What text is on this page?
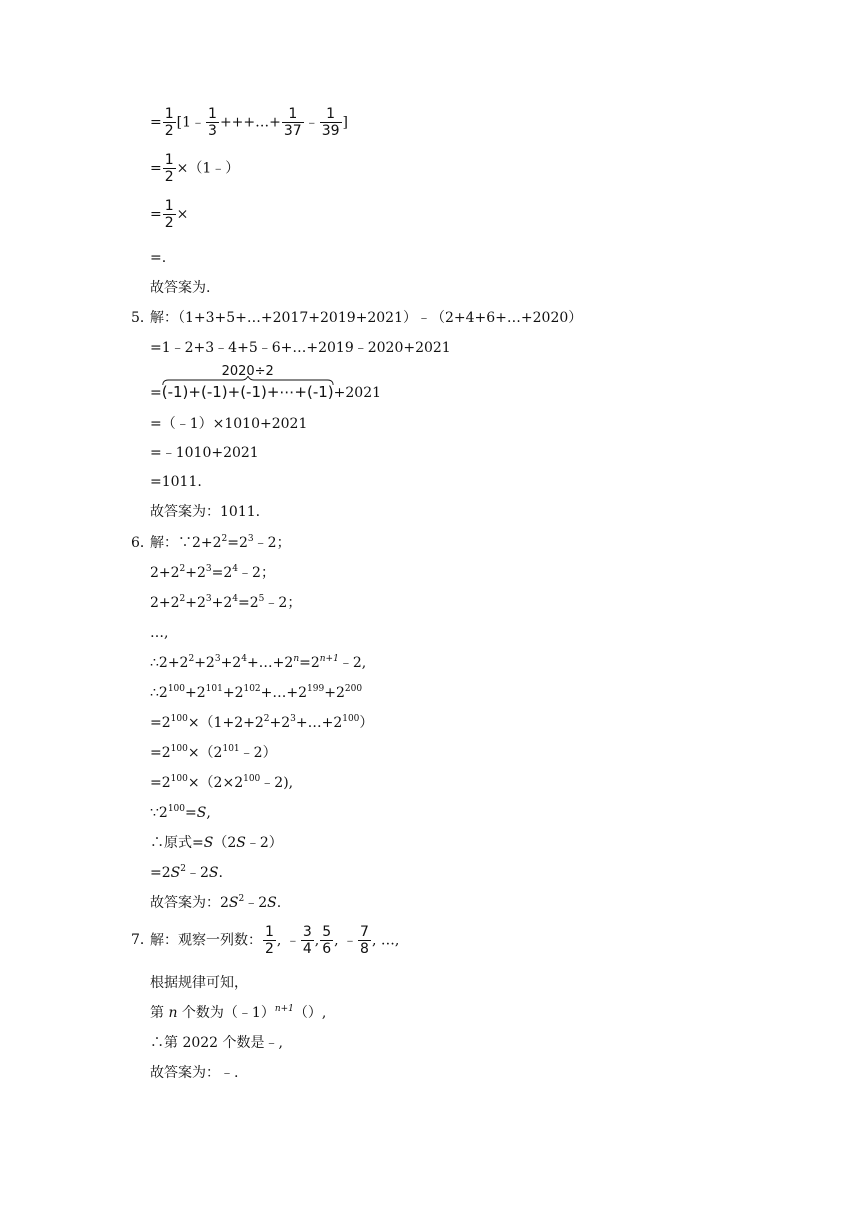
= $\frac{1}{2}$ [1﹣ $\frac{1}{3}$ +++…+ $\frac{1}{37}$ ﹣ $\frac{1}{39}$ ]
= $\frac{1}{2}$ ×（1﹣）
= $\frac{1}{2}$ ×
=.
故答案为.
5．
解：（1+3+5+…+2017+2019+2021）﹣（2+4+6+…+2020）
=1﹣2+3﹣4+5﹣6+…+2019﹣2020+2021
=
2020÷2
(-1)+(-1)+(-1)+⋯+(-1)+2021
=（﹣1）×1010+2021
=﹣1010+2021
=1011.
故答案为：1011.
6．
解：$\because 2+2^2=2^3﹣2$；
$2+2^2+2^3=2^4﹣2$；
$2+2^2+2^3+2^4=2^5﹣2$；
…,
$\therefore 2+2^2+2^3+2^4+\dots+2^n=2^{n+1}﹣2$,
$\therefore 2^{100}+2^{101}+2^{102}+\dots+2^{199}+2^{200}$
$=2^{100}\times(1+2+2^2+2^3+\dots+2^{100})$
$=2^{100}\times(2^{101}﹣2)$
$=2^{100}\times(2\times 2^{100}﹣2)$,
$\because 2^{100}=S$,
∴原式=S（2S﹣2）
$=2S^2﹣2S$.
故答案为：$2S^2﹣2S$.
7．
解：观察一列数： $\frac{1}{2}$ , ﹣ $\frac{3}{4}$ , $\frac{5}{6}$ , ﹣ $\frac{7}{8}$ , …,
根据规律可知，
第 n 个数为（﹣1）$^{n+1}$（）,
∴第 2022 个数是﹣,
故答案为：﹣.
